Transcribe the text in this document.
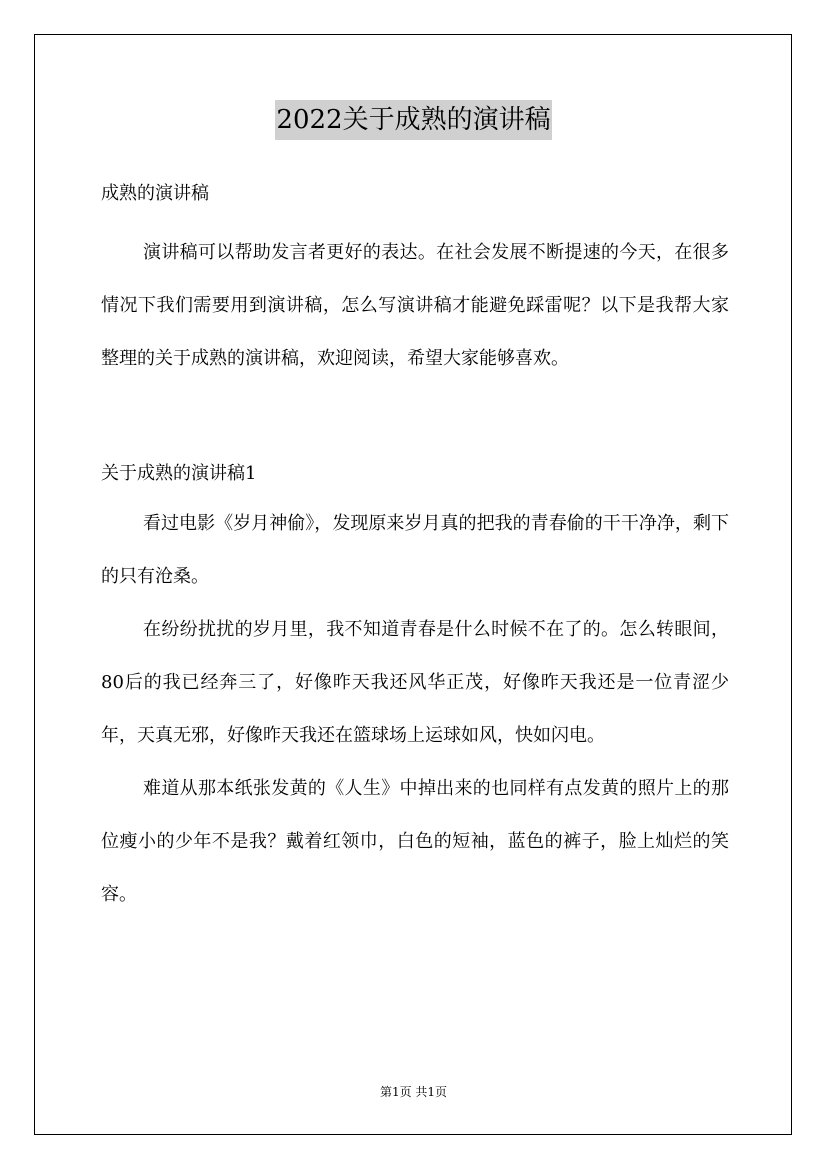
2022关于成熟的演讲稿

成熟的演讲稿

演讲稿可以帮助发言者更好的表达。在社会发展不断提速的今天，在很多情况下我们需要用到演讲稿，怎么写演讲稿才能避免踩雷呢？以下是我帮大家整理的关于成熟的演讲稿，欢迎阅读，希望大家能够喜欢。

关于成熟的演讲稿1

看过电影《岁月神偷》，发现原来岁月真的把我的青春偷的干干净净，剩下的只有沧桑。

在纷纷扰扰的岁月里，我不知道青春是什么时候不在了的。怎么转眼间，80后的我已经奔三了，好像昨天我还风华正茂，好像昨天我还是一位青涩少年，天真无邪，好像昨天我还在篮球场上运球如风，快如闪电。

难道从那本纸张发黄的《人生》中掉出来的也同样有点发黄的照片上的那位瘦小的少年不是我？戴着红领巾，白色的短袖，蓝色的裤子，脸上灿烂的笑容。

第1页 共1页
